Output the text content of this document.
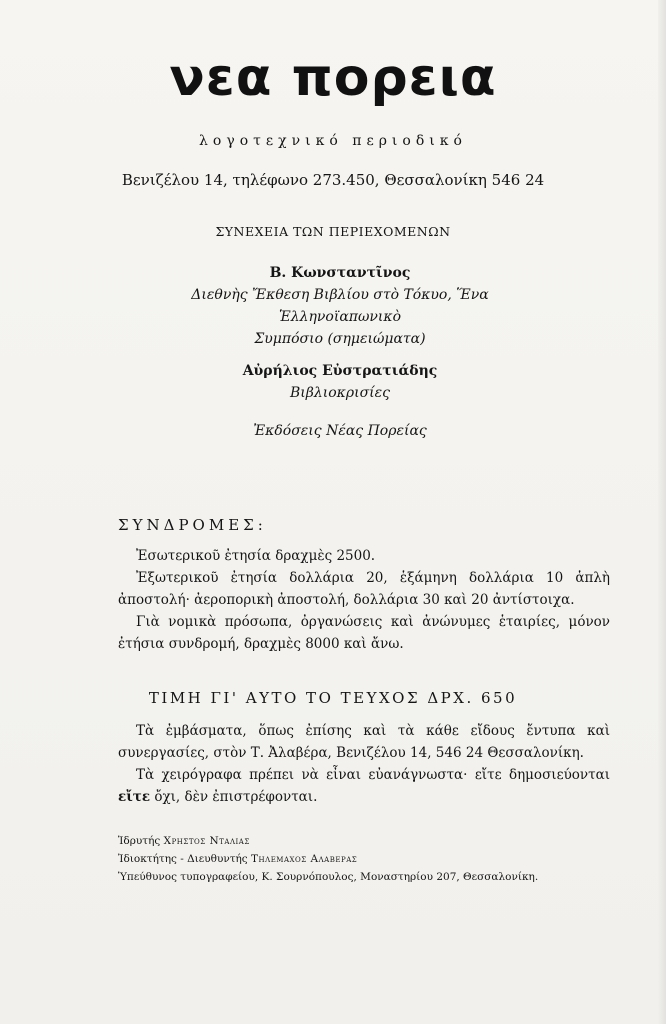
νεα πορεια
λογοτεχνικό περιοδικό
Βενιζέλου 14, τηλέφωνο 273.450, Θεσσαλονίκη 546 24
ΣΥΝΕΧΕΙΑ ΤΩΝ ΠΕΡΙΕΧΟΜΕΝΩΝ
Β. Κωνσταντῖνος
Διεθνὴς Ἔκθεση Βιβλίου στὸ Τόκυο, Ἕνα Ἑλληνοϊαπωνικὸ
Συμπόσιο (σημειώματα)
Αὐρήλιος Εὐστρατιάδης
Βιβλιοκρισίες
Ἐκδόσεις Νέας Πορείας
ΣΥΝΔΡΟΜΕΣ:
Ἐσωτερικοῦ ἐτησία δραχμὲς 2500.
Ἐξωτερικοῦ ἐτησία δολλάρια 20, ἑξάμηνη δολλάρια 10 ἁπλὴ ἀποστολή· ἀεροπορικὴ ἀποστολή, δολλάρια 30 καὶ 20 ἀντίστοιχα.
Γιὰ νομικὰ πρόσωπα, ὀργανώσεις καὶ ἀνώνυμες ἑταιρίες, μόνον ἐτήσια συνδρομή, δραχμὲς 8000 καὶ ἄνω.
ΤΙΜΗ ΓΙ' ΑΥΤΟ ΤΟ ΤΕΥΧΟΣ ΔΡΧ. 650
Τὰ ἐμβάσματα, ὅπως ἐπίσης καὶ τὰ κάθε εἴδους ἔντυπα καὶ συνεργασίες, στὸν Τ. Ἀλαβέρα, Βενιζέλου 14, 546 24 Θεσσαλονίκη.
Τὰ χειρόγραφα πρέπει νὰ εἶναι εὐανάγνωστα· εἴτε δημοσιεύονται εἴτε ὄχι, δὲν ἐπιστρέφονται.
Ἱδρυτής Χρηστος Νταλιας
Ἰδιοκτήτης - Διευθυντής Τηλεμαχος Αλαβερας
Ὑπεύθυνος τυπογραφείου, Κ. Σουρνόπουλος, Μοναστηρίου 207, Θεσσαλονίκη.
